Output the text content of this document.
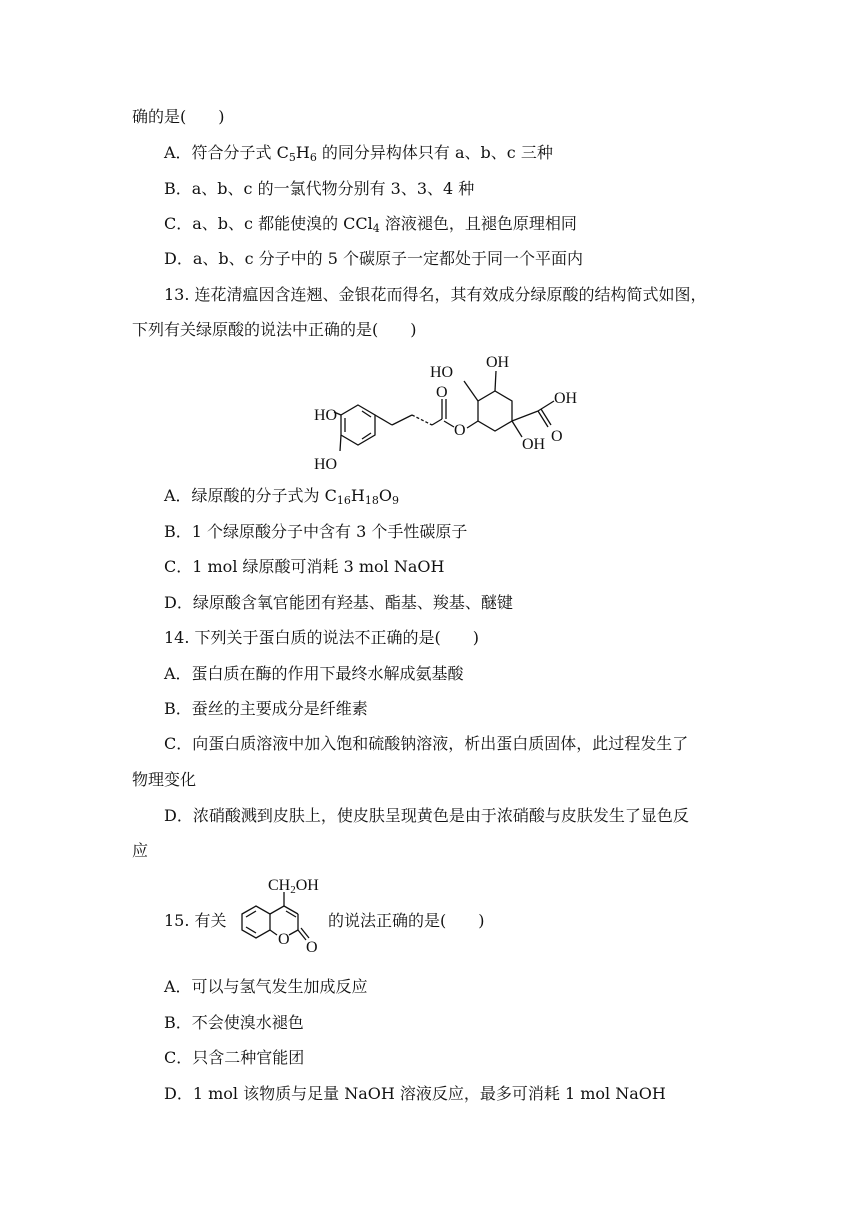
确的是(　　)
A．符合分子式 $C_5H_6$ 的同分异构体只有 a、b、c 三种
B．a、b、c 的一氯代物分别有 3、3、4 种
C．a、b、c 都能使溴的 CCl$_4$ 溶液褪色，且褪色原理相同
D．a、b、c 分子中的 5 个碳原子一定都处于同一个平面内
13. 连花清瘟因含连翘、金银花而得名，其有效成分绿原酸的结构简式如图，
下列有关绿原酸的说法中正确的是(　　)
HO
HO
O
O
HO
OH
OH
O
OH
A．绿原酸的分子式为 $C_{16}H_{18}O_9$
B．1 个绿原酸分子中含有 3 个手性碳原子
C．1 mol 绿原酸可消耗 3 mol NaOH
D．绿原酸含氧官能团有羟基、酯基、羧基、醚键
14. 下列关于蛋白质的说法不正确的是(　　)
A．蛋白质在酶的作用下最终水解成氨基酸
B．蚕丝的主要成分是纤维素
C．向蛋白质溶液中加入饱和硫酸钠溶液，析出蛋白质固体，此过程发生了
物理变化
D．浓硝酸溅到皮肤上，使皮肤呈现黄色是由于浓硝酸与皮肤发生了显色反
应
15. 有关
O O
CH2OH
的说法正确的是(　　)
A．可以与氢气发生加成反应
B．不会使溴水褪色
C．只含二种官能团
D．1 mol 该物质与足量 NaOH 溶液反应，最多可消耗 1 mol NaOH
